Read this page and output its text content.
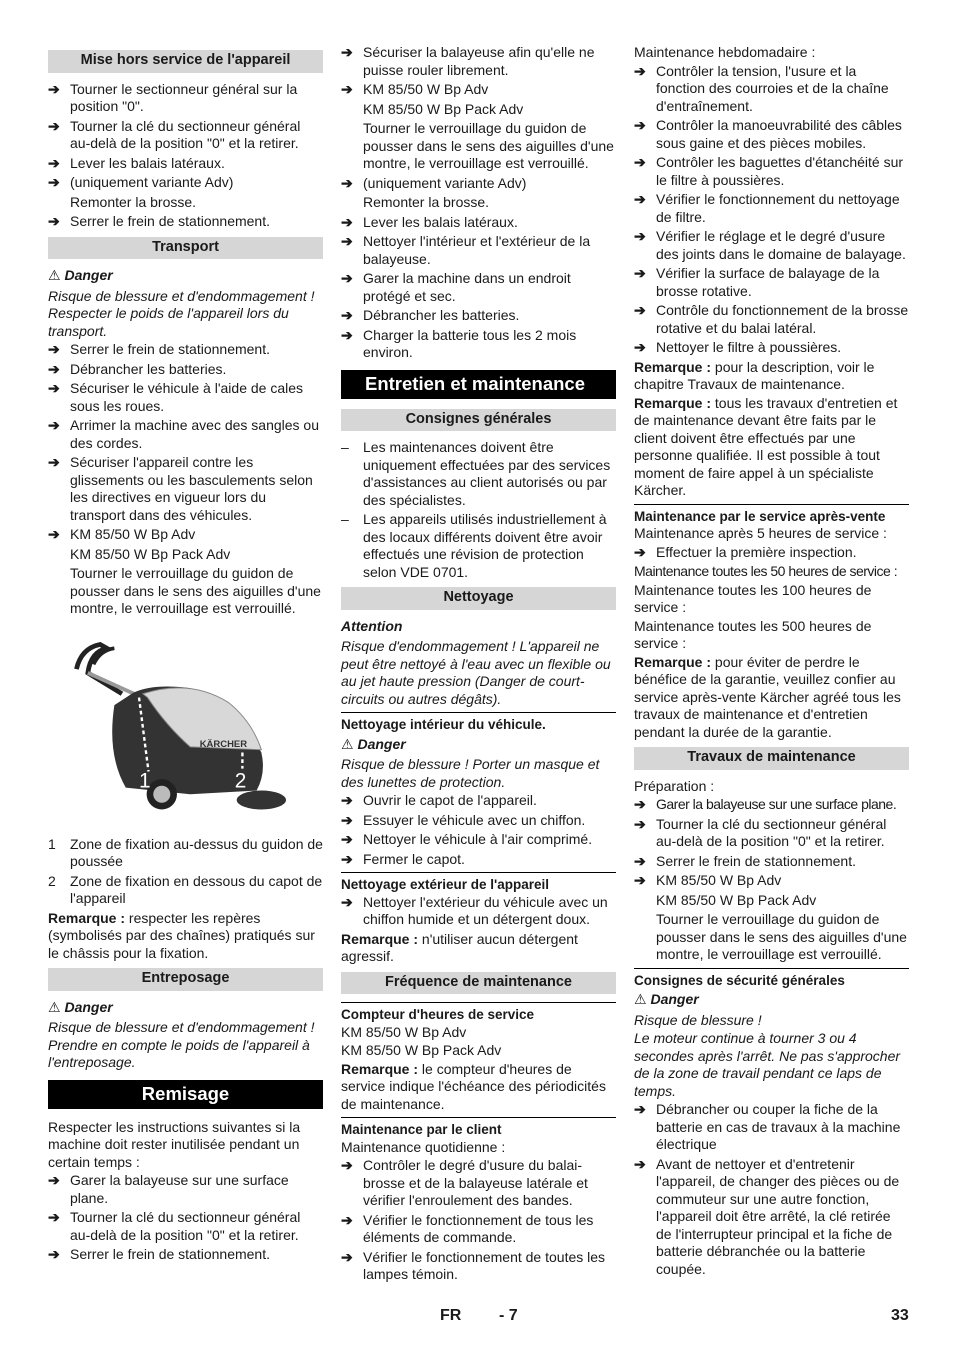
Mise hors service de l'appareil
➔ Tourner le sectionneur général sur la position "0".
➔ Tourner la clé du sectionneur général au-delà de la position "0" et la retirer.
➔ Lever les balais latéraux.
➔ (uniquement variante Adv)
Remonter la brosse.
➔ Serrer le frein de stationnement.
Transport
⚠ Danger
Risque de blessure et d'endommagement ! Respecter le poids de l'appareil lors du transport.
➔ Serrer le frein de stationnement.
➔ Débrancher les batteries.
➔ Sécuriser le véhicule à l'aide de cales sous les roues.
➔ Arrimer la machine avec des sangles ou des cordes.
➔ Sécuriser l'appareil contre les glissements ou les basculements selon les directives en vigueur lors du transport dans des véhicules.
➔ KM 85/50 W Bp Adv
KM 85/50 W Bp Pack Adv
Tourner le verrouillage du guidon de pousser dans le sens des aiguilles d'une montre, le verrouillage est verrouillé.
KÄRCHER
1	2
1 Zone de fixation au-dessus du guidon de poussée
2 Zone de fixation en dessous du capot de l'appareil
Remarque : respecter les repères (symbolisés par des chaînes) pratiqués sur le châssis pour la fixation.
Entreposage
⚠ Danger
Risque de blessure et d'endommagement ! Prendre en compte le poids de l'appareil à l'entreposage.
Remisage
Respecter les instructions suivantes si la machine doit rester inutilisée pendant un certain temps :
➔ Garer la balayeuse sur une surface plane.
➔ Tourner la clé du sectionneur général au-delà de la position "0" et la retirer.
➔ Serrer le frein de stationnement.
➔ Sécuriser la balayeuse afin qu'elle ne puisse rouler librement.
➔ KM 85/50 W Bp Adv
KM 85/50 W Bp Pack Adv
Tourner le verrouillage du guidon de pousser dans le sens des aiguilles d'une montre, le verrouillage est verrouillé.
➔ (uniquement variante Adv)
Remonter la brosse.
➔ Lever les balais latéraux.
➔ Nettoyer l'intérieur et l'extérieur de la balayeuse.
➔ Garer la machine dans un endroit protégé et sec.
➔ Débrancher les batteries.
➔ Charger la batterie tous les 2 mois environ.
Entretien et maintenance
Consignes générales
– Les maintenances doivent être uniquement effectuées par des services d'assistances au client autorisés ou par des spécialistes.
– Les appareils utilisés industriellement à des locaux différents doivent être avoir effectués une révision de protection selon VDE 0701.
Nettoyage
Attention
Risque d'endommagement ! L'appareil ne peut être nettoyé à l'eau avec un flexible ou au jet haute pression (Danger de court-circuits ou autres dégâts).
Nettoyage intérieur du véhicule.
⚠ Danger
Risque de blessure ! Porter un masque et des lunettes de protection.
➔ Ouvrir le capot de l'appareil.
➔ Essuyer le véhicule avec un chiffon.
➔ Nettoyer le véhicule à l'air comprimé.
➔ Fermer le capot.
Nettoyage extérieur de l'appareil
➔ Nettoyer l'extérieur du véhicule avec un chiffon humide et un détergent doux.
Remarque : n'utiliser aucun détergent agressif.
Fréquence de maintenance
Compteur d'heures de service
KM 85/50 W Bp Adv
KM 85/50 W Bp Pack Adv
Remarque : le compteur d'heures de service indique l'échéance des périodicités de maintenance.
Maintenance par le client
Maintenance quotidienne :
➔ Contrôler le degré d'usure du balai-brosse et de la balayeuse latérale et vérifier l'enroulement des bandes.
➔ Vérifier le fonctionnement de tous les éléments de commande.
➔ Vérifier le fonctionnement de toutes les lampes témoin.
Maintenance hebdomadaire :
➔ Contrôler la tension, l'usure et la fonction des courroies et de la chaîne d'entraînement.
➔ Contrôler la manoeuvrabilité des câbles sous gaine et des pièces mobiles.
➔ Contrôler les baguettes d'étanchéité sur le filtre à poussières.
➔ Vérifier le fonctionnement du nettoyage de filtre.
➔ Vérifier le réglage et le degré d'usure des joints dans le domaine de balayage.
➔ Vérifier la surface de balayage de la brosse rotative.
➔ Contrôle du fonctionnement de la brosse rotative et du balai latéral.
➔ Nettoyer le filtre à poussières.
Remarque : pour la description, voir le chapitre Travaux de maintenance.
Remarque : tous les travaux d'entretien et de maintenance devant être faits par le client doivent être effectués par une personne qualifiée. Il est possible à tout moment de faire appel à un spécialiste Kärcher.
Maintenance par le service après-vente
Maintenance après 5 heures de service :
➔ Effectuer la première inspection.
Maintenance toutes les 50 heures de service :
Maintenance toutes les 100 heures de service :
Maintenance toutes les 500 heures de service :
Remarque : pour éviter de perdre le bénéfice de la garantie, veuillez confier au service après-vente Kärcher agréé tous les travaux de maintenance et d'entretien pendant la durée de la garantie.
Travaux de maintenance
Préparation :
➔ Garer la balayeuse sur une surface plane.
➔ Tourner la clé du sectionneur général au-delà de la position "0" et la retirer.
➔ Serrer le frein de stationnement.
➔ KM 85/50 W Bp Adv
KM 85/50 W Bp Pack Adv
Tourner le verrouillage du guidon de pousser dans le sens des aiguilles d'une montre, le verrouillage est verrouillé.
Consignes de sécurité générales
⚠ Danger
Risque de blessure !
Le moteur continue à tourner 3 ou 4 secondes après l'arrêt. Ne pas s'approcher de la zone de travail pendant ce laps de temps.
➔ Débrancher ou couper la fiche de la batterie en cas de travaux à la machine électrique
➔ Avant de nettoyer et d'entretenir l'appareil, de changer des pièces ou de commuteur sur une autre fonction, l'appareil doit être arrêté, la clé retirée de l'interrupteur principal et la fiche de batterie débranchée ou la batterie coupée.
FR - 7	33
